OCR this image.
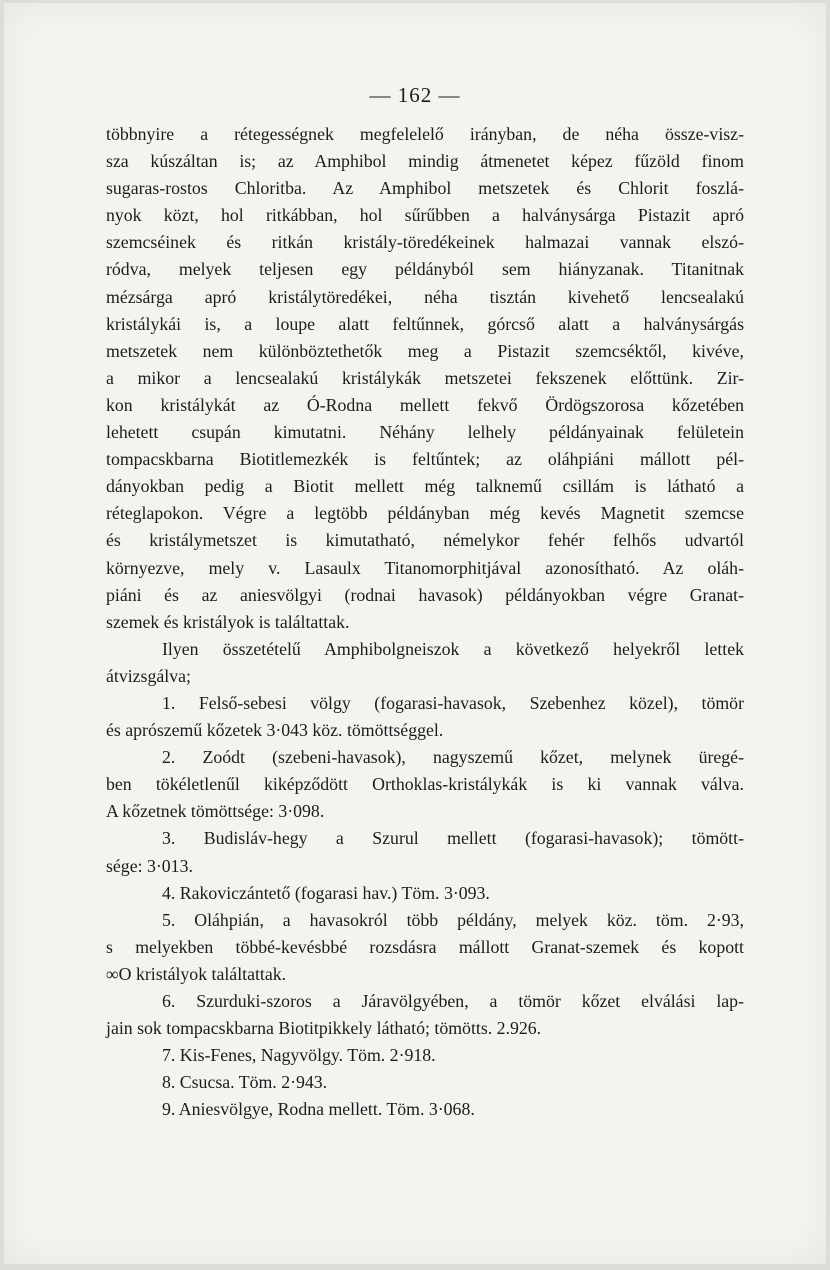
— 162 —
többnyire a rétegességnek megfelelelő irányban, de néha össze-visz-
sza kúszáltan is; az Amphibol mindig átmenetet képez fűzöld finom
sugaras-rostos Chloritba. Az Amphibol metszetek és Chlorit foszlá-
nyok közt, hol ritkábban, hol sűrűbben a halványsárga Pistazit apró
szemcséinek és ritkán kristály-töredékeinek halmazai vannak elszó-
ródva, melyek teljesen egy példányból sem hiányzanak. Titanitnak
mézsárga apró kristálytöredékei, néha tisztán kivehető lencsealakú
kristálykái is, a loupe alatt feltűnnek, górcső alatt a halványsárgás
metszetek nem különböztethetők meg a Pistazit szemcséktől, kivéve,
a mikor a lencsealakú kristálykák metszetei fekszenek előttünk. Zir-
kon kristálykát az Ó-Rodna mellett fekvő Ördögszorosa kőzetében
lehetett csupán kimutatni. Néhány lelhely példányainak felületein
tompacskbarna Biotitlemezkék is feltűntek; az oláhpiáni mállott pél-
dányokban pedig a Biotit mellett még talknemű csillám is látható a
réteglapokon. Végre a legtöbb példányban még kevés Magnetit szemcse
és kristálymetszet is kimutatható, némelykor fehér felhős udvartól
környezve, mely v. Lasaulx Titanomorphitjával azonosítható. Az oláh-
piáni és az aniesvölgyi (rodnai havasok) példányokban végre Granat-
szemek és kristályok is találtattak.
Ilyen összetételű Amphibolgneiszok a következő helyekről lettek
átvizsgálva;
1. Felső-sebesi völgy (fogarasi-havasok, Szebenhez közel), tömör
és aprószemű kőzetek 3·043 köz. tömöttséggel.
2. Zoódt (szebeni-havasok), nagyszemű kőzet, melynek üregé-
ben tökéletlenűl kiképződött Orthoklas-kristálykák is ki vannak válva.
A kőzetnek tömöttsége: 3·098.
3. Budisláv-hegy a Szurul mellett (fogarasi-havasok); tömött-
sége: 3·013.
4. Rakoviczántető (fogarasi hav.) Töm. 3·093.
5. Oláhpián, a havasokról több példány, melyek köz. töm. 2·93,
s melyekben többé-kevésbbé rozsdásra mállott Granat-szemek és kopott
∞O kristályok találtattak.
6. Szurduki-szoros a Járavölgyében, a tömör kőzet elválási lap-
jain sok tompacskbarna Biotitpikkely látható; tömötts. 2.926.
7. Kis-Fenes, Nagyvölgy. Töm. 2·918.
8. Csucsa. Töm. 2·943.
9. Aniesvölgye, Rodna mellett. Töm. 3·068.
